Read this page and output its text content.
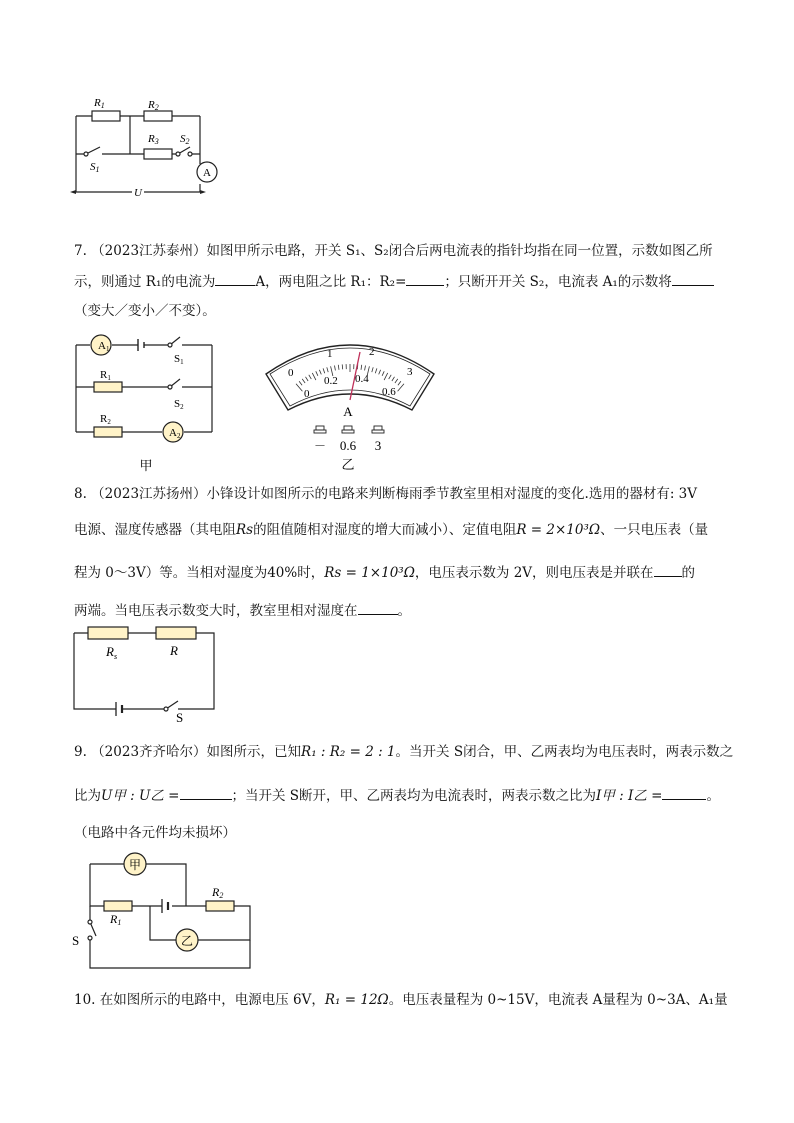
A
R1	R2
R3 S2
S1
U
7. （2023江苏泰州）如图甲所示电路，开关 S₁、S₂闭合后两电流表的指针均指在同一位置，示数如图乙所
示，则通过 R₁的电流为	A，两电阻之比 R₁：R₂=	；只断开开关 S₂，电流表 A₁的示数将
（变大／变小／不变）。
A1
A2
S1
R1
S2
R2
甲
0
1	2
3
0
0.2 0.4
0.6
A
－ 0.6 3
乙
8. （2023江苏扬州）小锋设计如图所示的电路来判断梅雨季节教室里相对湿度的变化.选用的器材有: 3V
电源、湿度传感器（其电阻Rs的阻值随相对湿度的增大而减小）、定值电阻R = 2×10³Ω、一只电压表（量
程为 0～3V）等。当相对湿度为40%时，Rs = 1×10³Ω，电压表示数为 2V，则电压表是并联在 的
两端。当电压表示数变大时，教室里相对湿度在	。
$R_s$	R
S
9. （2023齐齐哈尔）如图所示，已知R₁ : R₂ = 2 : 1。当开关 S闭合，甲、乙两表均为电压表时，两表示数之
比为U甲 : U乙 =	；当开关 S断开，甲、乙两表均为电流表时，两表示数之比为I甲 : I乙 =	。
（电路中各元件均未损坏）
甲
乙
R1
R2
S
10. 在如图所示的电路中，电源电压 6V，R₁ = 12Ω。电压表量程为 0~15V，电流表 A量程为 0~3A、A₁量
